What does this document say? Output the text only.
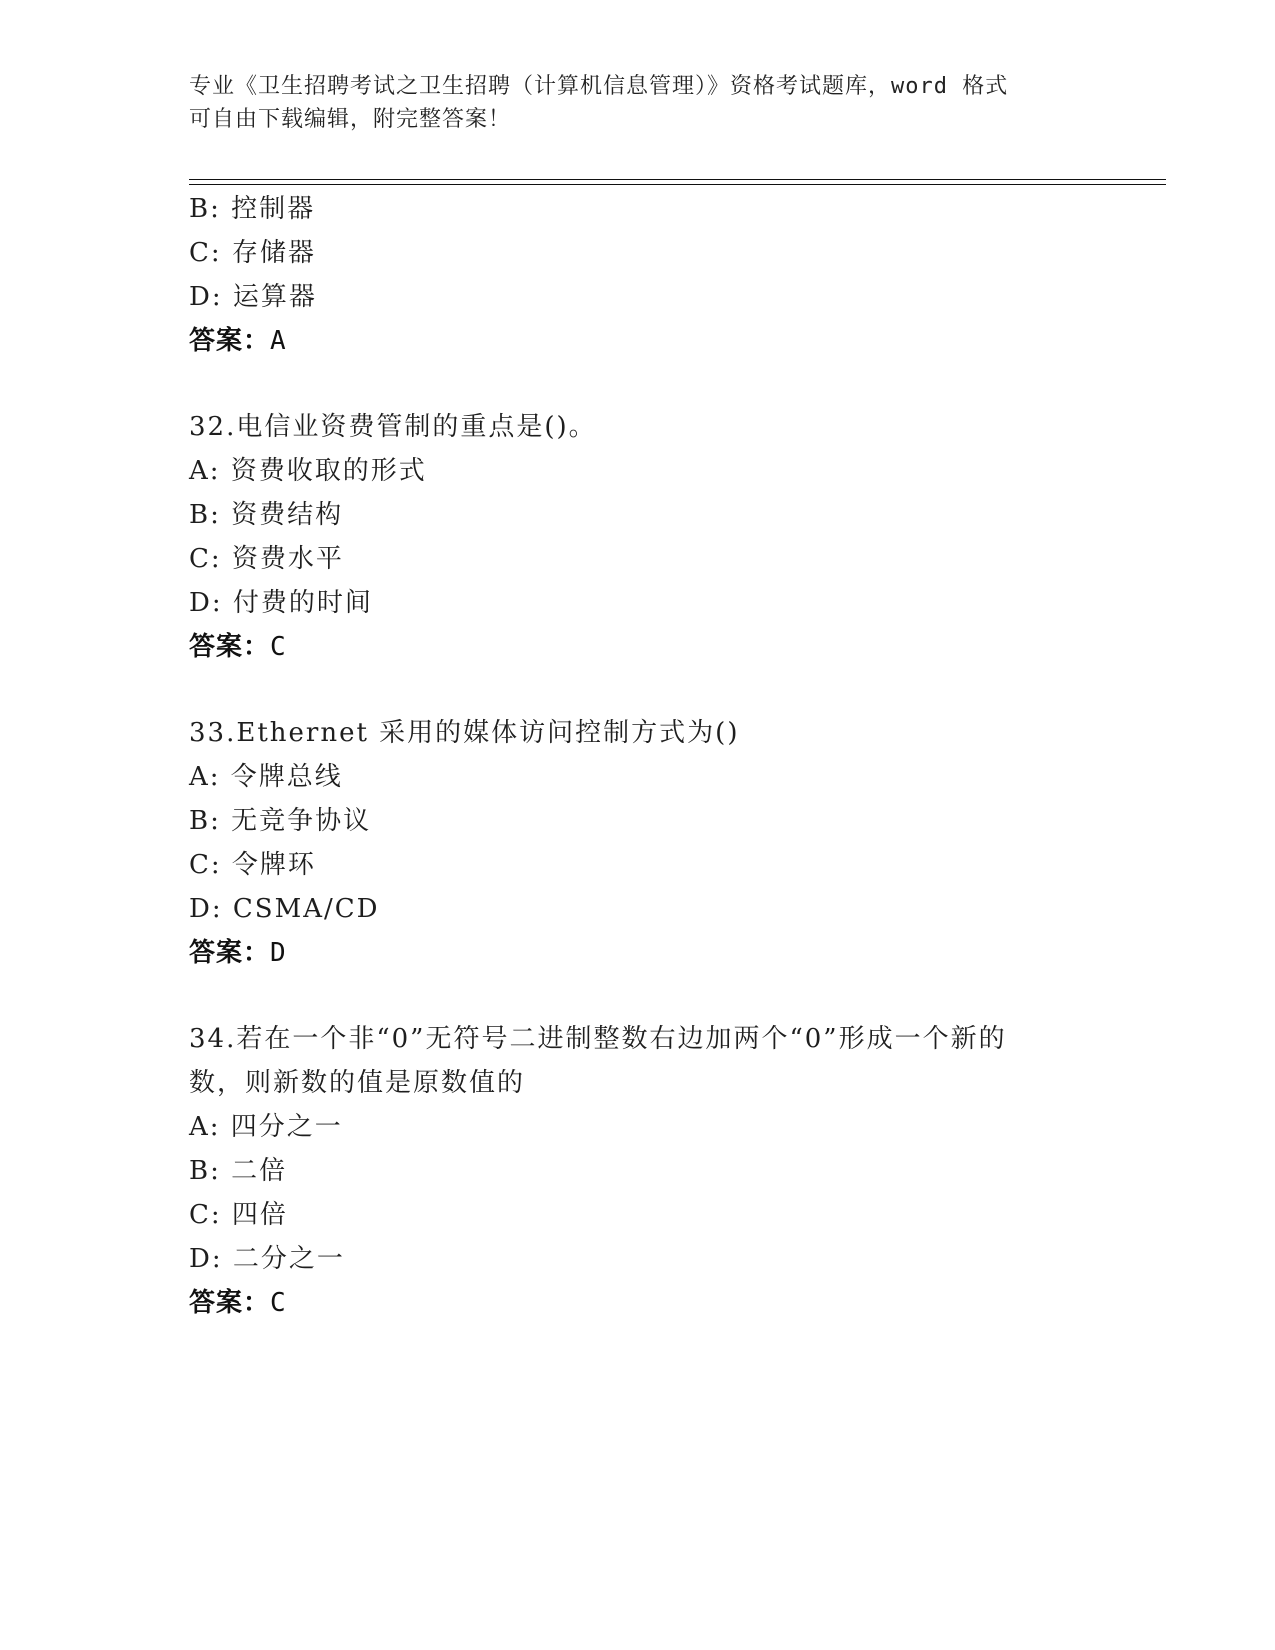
专业《卫生招聘考试之卫生招聘（计算机信息管理）》资格考试题库，word 格式
可自由下载编辑，附完整答案！
B: 控制器
C: 存储器
D: 运算器
答案：A
32.电信业资费管制的重点是()。
A: 资费收取的形式
B: 资费结构
C: 资费水平
D: 付费的时间
答案：C
33.Ethernet 采用的媒体访问控制方式为()
A: 令牌总线
B: 无竞争协议
C: 令牌环
D: CSMA/CD
答案：D
34.若在一个非“0”无符号二进制整数右边加两个“0”形成一个新的
数，则新数的值是原数值的
A: 四分之一
B: 二倍
C: 四倍
D: 二分之一
答案：C
